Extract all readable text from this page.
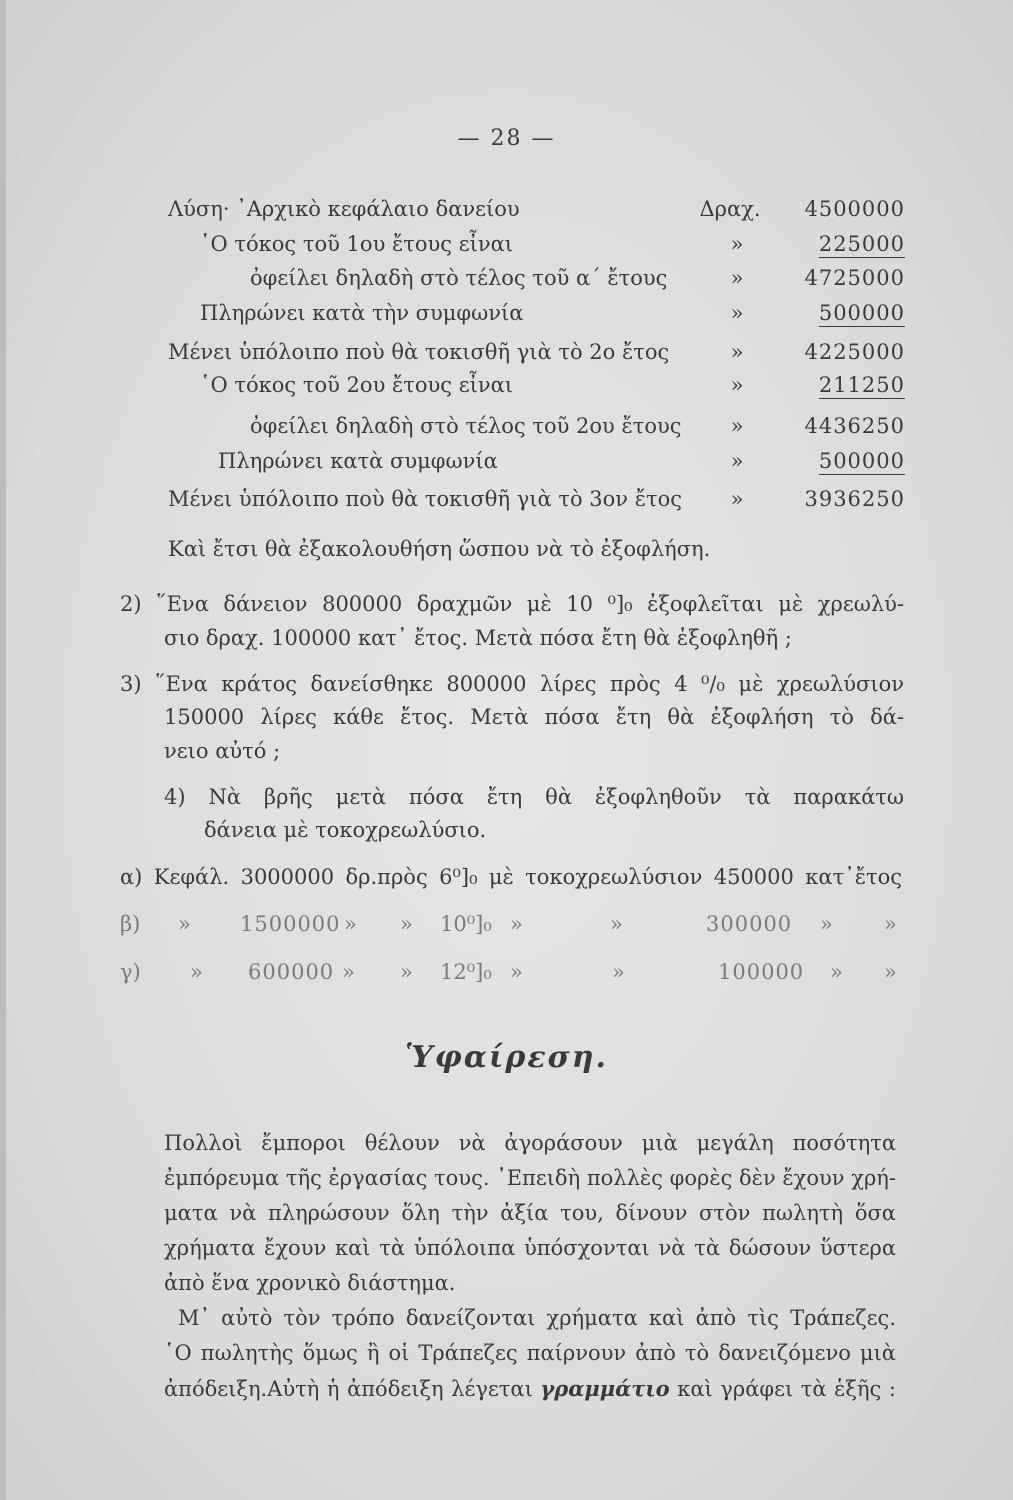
— 28 —
Λύση· ᾽Αρχικὸ κεφάλαιο δανείου	Δραχ.	4500000
῾Ο τόκος τοῦ 1ου ἔτους εἶναι	»	225000
ὀφείλει δηλαδὴ στὸ τέλος τοῦ α΄ ἔτους	»	4725000
Πληρώνει κατὰ τὴν συμφωνία	»	500000
Μένει ὑπόλοιπο ποὺ θὰ τοκισθῆ γιὰ τὸ 2ο ἔτος	»	4225000
῾Ο τόκος τοῦ 2ου ἔτους εἶναι	»	211250
ὀφείλει δηλαδὴ στὸ τέλος τοῦ 2ου ἔτους	»	4436250
Πληρώνει κατὰ συμφωνία	»	500000
Μένει ὑπόλοιπο ποὺ θὰ τοκισθῆ γιὰ τὸ 3ον ἔτος	»	3936250
Καὶ ἔτσι θὰ ἐξακολουθήση ὥσπου νὰ τὸ ἐξοφλήση.
2) ῞Ενα δάνειον 800000 δραχμῶν μὲ 10 ⁰]₀ ἐξοφλεῖται μὲ χρεωλύ-
σιο δραχ. 100000 κατ᾽ ἔτος. Μετὰ πόσα ἔτη θὰ ἐξοφληθῆ ;
3) ῞Ενα κράτος δανείσθηκε 800000 λίρες πρὸς 4 ⁰/₀ μὲ χρεωλύσιον
150000 λίρες κάθε ἔτος. Μετὰ πόσα ἔτη θὰ ἐξοφλήση τὸ δά-
νειο αὐτό ;
4) Νὰ βρῆς μετὰ πόσα ἔτη θὰ ἐξοφληθοῦν τὰ παρακάτω
δάνεια μὲ τοκοχρεωλύσιο.
α) Κεφάλ. 3000000 δρ.πρὸς 6⁰]₀ μὲ τοκοχρεωλύσιον 450000 κατ᾽ἔτος
β) » 1500000 » » 10⁰]₀ »	»	300000 » »
γ) » 600000 » » 12⁰]₀ »	»	100000 » »
Ὑφαίρεση.
Πολλοὶ ἔμποροι θέλουν νὰ ἀγοράσουν μιὰ μεγάλη ποσότητα
ἐμπόρευμα τῆς ἐργασίας τους. ᾽Επειδὴ πολλὲς φορὲς δὲν ἔχουν χρή-
ματα νὰ πληρώσουν ὅλη τὴν ἀξία του, δίνουν στὸν πωλητὴ ὅσα
χρήματα ἔχουν καὶ τὰ ὑπόλοιπα ὑπόσχονται νὰ τὰ δώσουν ὕστερα
ἀπὸ ἕνα χρονικὸ διάστημα.
Μ᾽ αὐτὸ τὸν τρόπο δανείζονται χρήματα καὶ ἀπὸ τὶς Τράπεζες.
῾Ο πωλητὴς ὅμως ἢ οἱ Τράπεζες παίρνουν ἀπὸ τὸ δανειζόμενο μιὰ
ἀπόδειξη.Αὐτὴ ἡ ἀπόδειξη λέγεται γραμμάτιο καὶ γράφει τὰ ἑξῆς :
